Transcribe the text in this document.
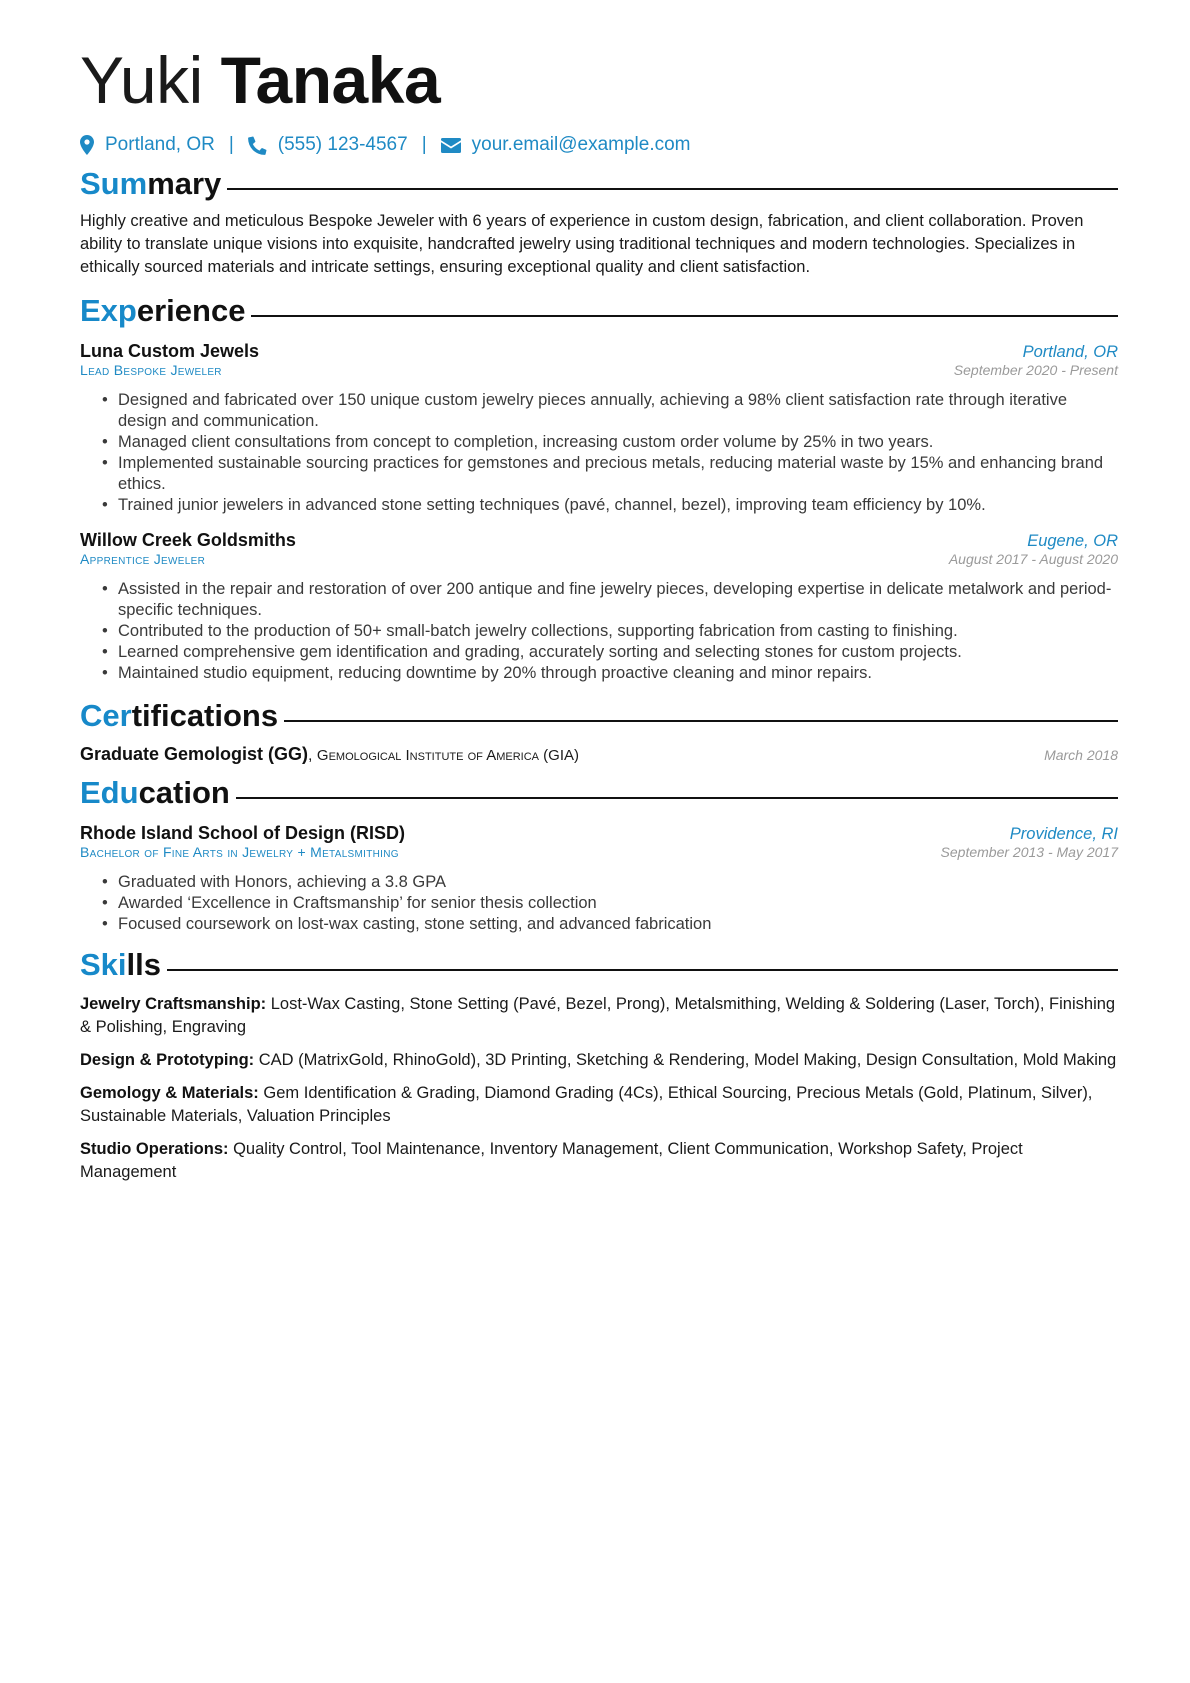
Yuki Tanaka
Portland, OR | (555) 123-4567 | your.email@example.com
Summary

Highly creative and meticulous Bespoke Jeweler with 6 years of experience in custom design, fabrication, and client collaboration. Proven ability to translate unique visions into exquisite, handcrafted jewelry using traditional techniques and modern technologies. Specializes in ethically sourced materials and intricate settings, ensuring exceptional quality and client satisfaction.

Experience
Luna Custom Jewels	Portland, OR
Lead Bespoke Jeweler	September 2020 - Present
• Designed and fabricated over 150 unique custom jewelry pieces annually, achieving a 98% client satisfaction rate through iterative design and communication.
• Managed client consultations from concept to completion, increasing custom order volume by 25% in two years.
• Implemented sustainable sourcing practices for gemstones and precious metals, reducing material waste by 15% and enhancing brand ethics.
• Trained junior jewelers in advanced stone setting techniques (pavé, channel, bezel), improving team efficiency by 10%.
Willow Creek Goldsmiths	Eugene, OR
Apprentice Jeweler	August 2017 - August 2020
• Assisted in the repair and restoration of over 200 antique and fine jewelry pieces, developing expertise in delicate metalwork and period-specific techniques.
• Contributed to the production of 50+ small-batch jewelry collections, supporting fabrication from casting to finishing.
• Learned comprehensive gem identification and grading, accurately sorting and selecting stones for custom projects.
• Maintained studio equipment, reducing downtime by 20% through proactive cleaning and minor repairs.
Certifications
Graduate Gemologist (GG), Gemological Institute of America (GIA)	March 2018
Education
Rhode Island School of Design (RISD)	Providence, RI
Bachelor of Fine Arts in Jewelry + Metalsmithing	September 2013 - May 2017
• Graduated with Honors, achieving a 3.8 GPA
• Awarded ‘Excellence in Craftsmanship’ for senior thesis collection
• Focused coursework on lost-wax casting, stone setting, and advanced fabrication
Skills
Jewelry Craftsmanship: Lost-Wax Casting, Stone Setting (Pavé, Bezel, Prong), Metalsmithing, Welding & Soldering (Laser, Torch), Finishing & Polishing, Engraving
Design & Prototyping: CAD (MatrixGold, RhinoGold), 3D Printing, Sketching & Rendering, Model Making, Design Consultation, Mold Making
Gemology & Materials: Gem Identification & Grading, Diamond Grading (4Cs), Ethical Sourcing, Precious Metals (Gold, Platinum, Silver), Sustainable Materials, Valuation Principles
Studio Operations: Quality Control, Tool Maintenance, Inventory Management, Client Communication, Workshop Safety, Project Management
